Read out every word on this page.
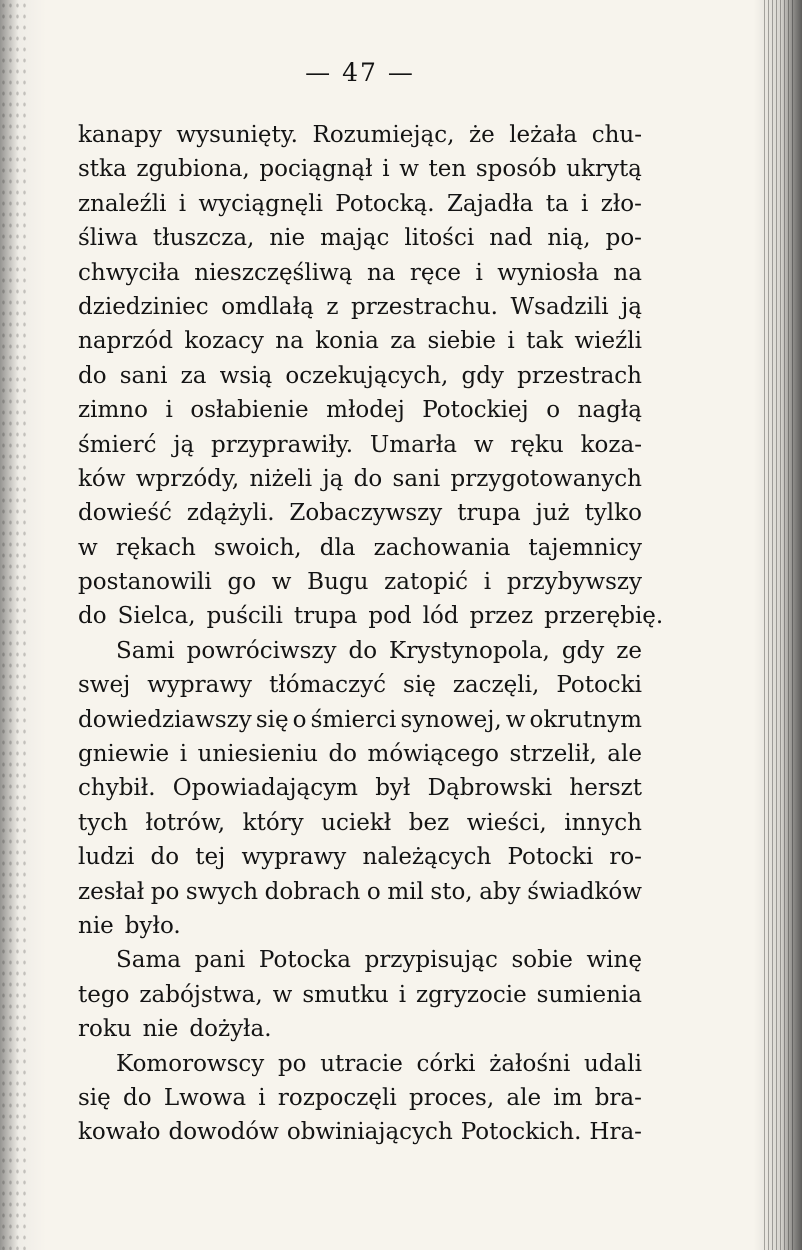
— 47 —
kanapy wysunięty. Rozumiejąc, że leżała chu-
stka zgubiona, pociągnął i w ten sposób ukrytą
znaleźli i wyciągnęli Potocką. Zajadła ta i zło-
śliwa tłuszcza, nie mając litości nad nią, po-
chwyciła nieszczęśliwą na ręce i wyniosła na
dziedziniec omdlałą z przestrachu. Wsadzili ją
naprzód kozacy na konia za siebie i tak wieźli
do sani za wsią oczekujących, gdy przestrach
zimno i osłabienie młodej Potockiej o nagłą
śmierć ją przyprawiły. Umarła w ręku koza-
ków wprzódy, niżeli ją do sani przygotowanych
dowieść zdążyli. Zobaczywszy trupa już tylko
w rękach swoich, dla zachowania tajemnicy
postanowili go w Bugu zatopić i przybywszy
do Sielca, puścili trupa pod lód przez przerębię.
Sami powróciwszy do Krystynopola, gdy ze
swej wyprawy tłómaczyć się zaczęli, Potocki
dowiedziawszy się o śmierci synowej, w okrutnym
gniewie i uniesieniu do mówiącego strzelił, ale
chybił. Opowiadającym był Dąbrowski herszt
tych łotrów, który uciekł bez wieści, innych
ludzi do tej wyprawy należących Potocki ro-
zesłał po swych dobrach o mil sto, aby świadków
nie było.
Sama pani Potocka przypisując sobie winę
tego zabójstwa, w smutku i zgryzocie sumienia
roku nie dożyła.
Komorowscy po utracie córki żałośni udali
się do Lwowa i rozpoczęli proces, ale im bra-
kowało dowodów obwiniających Potockich. Hra-
